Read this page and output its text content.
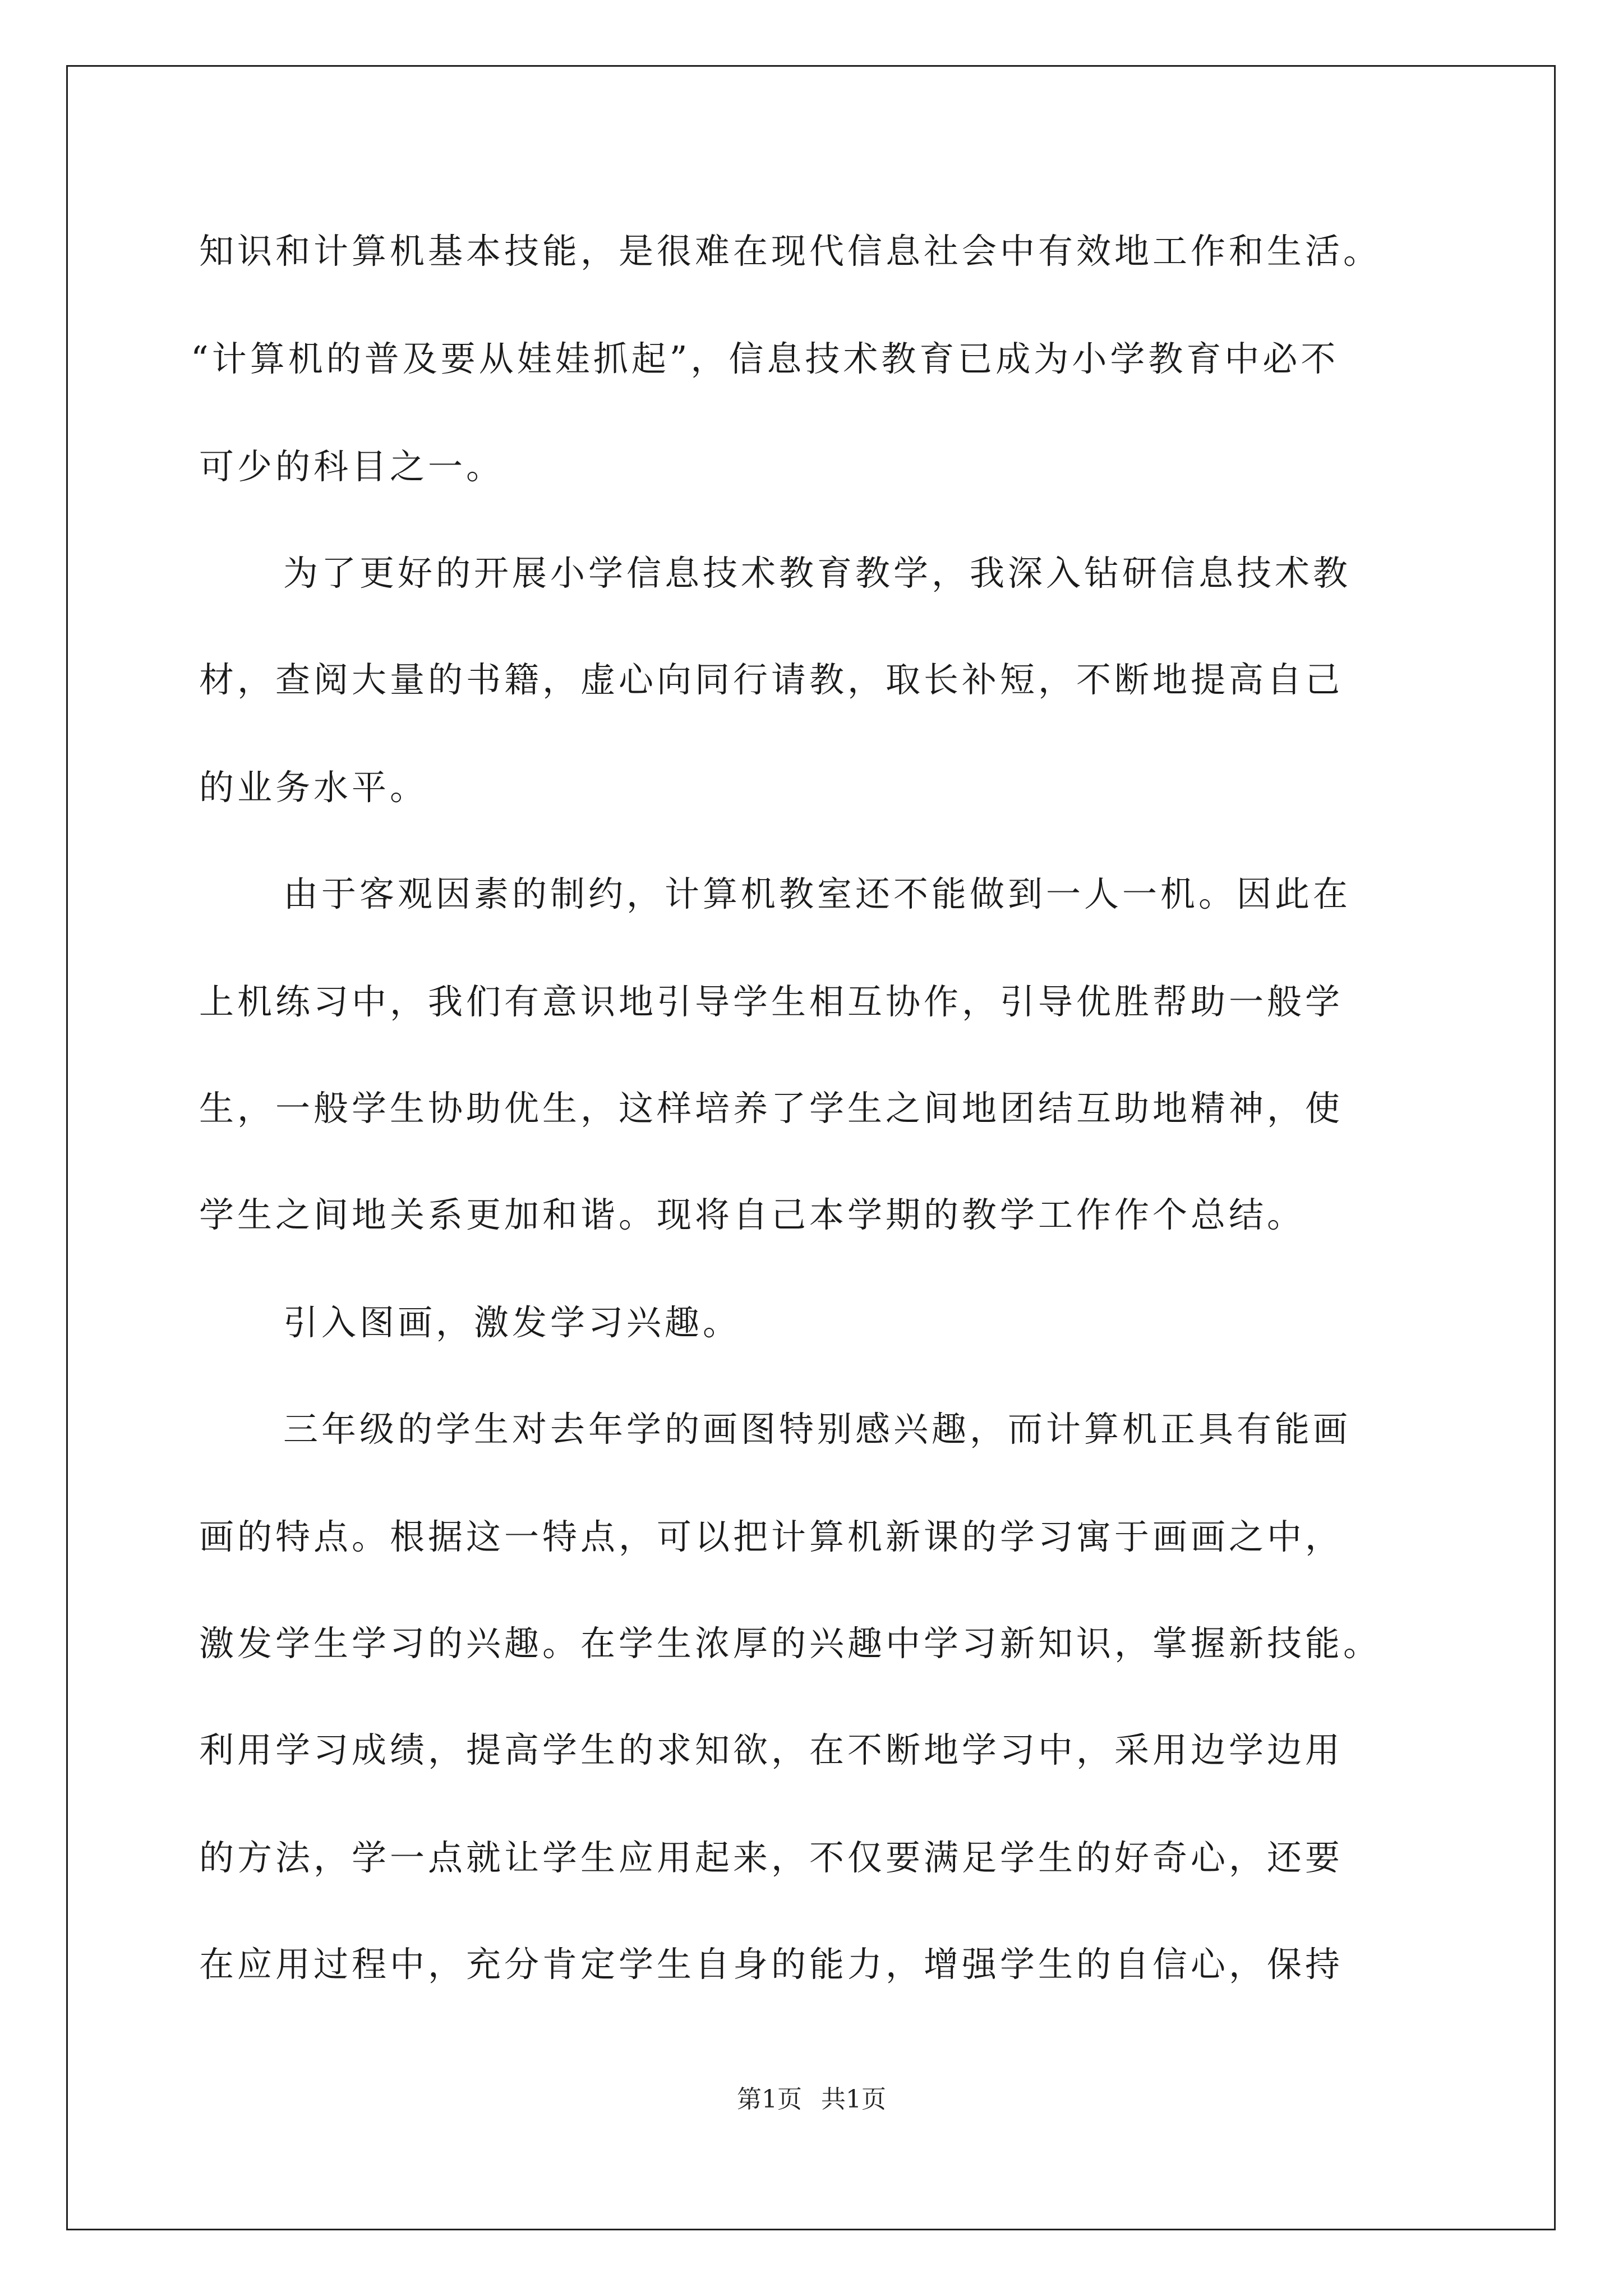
知识和计算机基本技能，是很难在现代信息社会中有效地工作和生活。
“计算机的普及要从娃娃抓起”，信息技术教育已成为小学教育中必不
可少的科目之一。
为了更好的开展小学信息技术教育教学，我深入钻研信息技术教
材，查阅大量的书籍，虚心向同行请教，取长补短，不断地提高自己
的业务水平。
由于客观因素的制约，计算机教室还不能做到一人一机。因此在
上机练习中，我们有意识地引导学生相互协作，引导优胜帮助一般学
生，一般学生协助优生，这样培养了学生之间地团结互助地精神，使
学生之间地关系更加和谐。现将自己本学期的教学工作作个总结。
引入图画，激发学习兴趣。
三年级的学生对去年学的画图特别感兴趣，而计算机正具有能画
画的特点。根据这一特点，可以把计算机新课的学习寓于画画之中，
激发学生学习的兴趣。在学生浓厚的兴趣中学习新知识，掌握新技能。
利用学习成绩，提高学生的求知欲，在不断地学习中，采用边学边用
的方法，学一点就让学生应用起来，不仅要满足学生的好奇心，还要
在应用过程中，充分肯定学生自身的能力，增强学生的自信心，保持
第1页 共1页
